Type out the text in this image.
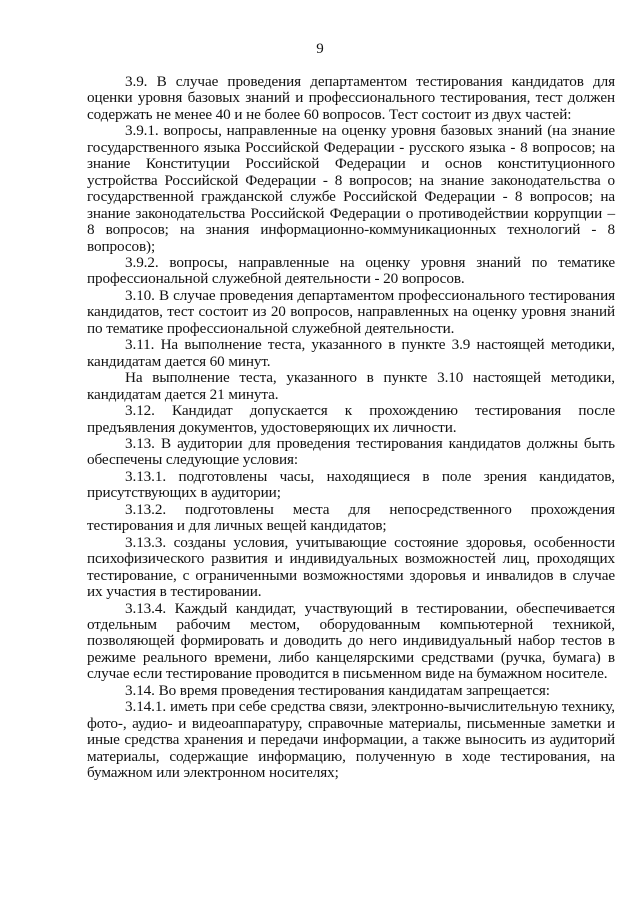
9

3.9. В случае проведения департаментом тестирования кандидатов для оценки уровня базовых знаний и профессионального тестирования, тест должен содержать не менее 40 и не более 60 вопросов. Тест состоит из двух частей:

3.9.1. вопросы, направленные на оценку уровня базовых знаний (на знание государственного языка Российской Федерации - русского языка - 8 вопросов; на знание Конституции Российской Федерации и основ конституционного устройства Российской Федерации - 8 вопросов; на знание законодательства о государственной гражданской службе Российской Федерации - 8 вопросов; на знание законодательства Российской Федерации о противодействии коррупции – 8 вопросов; на знания информационно-коммуникационных технологий - 8 вопросов);

3.9.2. вопросы, направленные на оценку уровня знаний по тематике профессиональной служебной деятельности - 20 вопросов.

3.10. В случае проведения департаментом профессионального тестирования кандидатов, тест состоит из 20 вопросов, направленных на оценку уровня знаний по тематике профессиональной служебной деятельности.

3.11. На выполнение теста, указанного в пункте 3.9 настоящей методики, кандидатам дается 60 минут.

На выполнение теста, указанного в пункте 3.10 настоящей методики, кандидатам дается 21 минута.

3.12. Кандидат допускается к прохождению тестирования после предъявления документов, удостоверяющих их личности.

3.13. В аудитории для проведения тестирования кандидатов должны быть обеспечены следующие условия:

3.13.1. подготовлены часы, находящиеся в поле зрения кандидатов, присутствующих в аудитории;

3.13.2. подготовлены места для непосредственного прохождения тестирования и для личных вещей кандидатов;

3.13.3. созданы условия, учитывающие состояние здоровья, особенности психофизического развития и индивидуальных возможностей лиц, проходящих тестирование, с ограниченными возможностями здоровья и инвалидов в случае их участия в тестировании.

3.13.4. Каждый кандидат, участвующий в тестировании, обеспечивается отдельным рабочим местом, оборудованным компьютерной техникой, позволяющей формировать и доводить до него индивидуальный набор тестов в режиме реального времени, либо канцелярскими средствами (ручка, бумага) в случае если тестирование проводится в письменном виде на бумажном носителе.

3.14. Во время проведения тестирования кандидатам запрещается:

3.14.1. иметь при себе средства связи, электронно-вычислительную технику, фото-, аудио- и видеоаппаратуру, справочные материалы, письменные заметки и иные средства хранения и передачи информации, а также выносить из аудиторий материалы, содержащие информацию, полученную в ходе тестирования, на бумажном или электронном носителях;
